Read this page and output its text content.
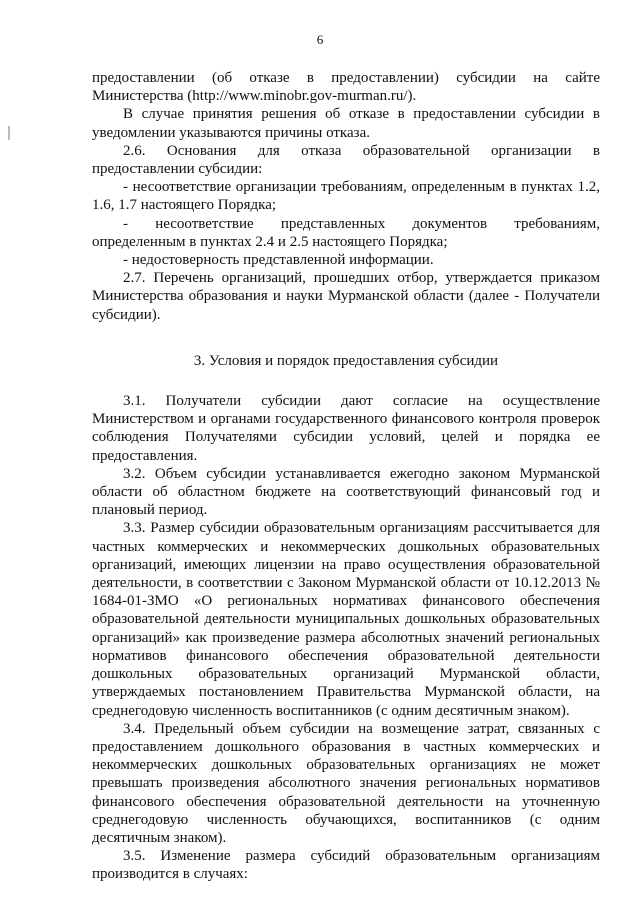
6

предоставлении (об отказе в предоставлении) субсидии на сайте Министерства (http://www.minobr.gov-murman.ru/).

В случае принятия решения об отказе в предоставлении субсидии в уведомлении указываются причины отказа.

2.6. Основания для отказа образовательной организации в предоставлении субсидии:

- несоответствие организации требованиям, определенным в пунктах 1.2, 1.6, 1.7 настоящего Порядка;

- несоответствие представленных документов требованиям, определенным в пунктах 2.4 и 2.5 настоящего Порядка;

- недостоверность представленной информации.

2.7. Перечень организаций, прошедших отбор, утверждается приказом Министерства образования и науки Мурманской области (далее - Получатели субсидии).

3. Условия и порядок предоставления субсидии

3.1. Получатели субсидии дают согласие на осуществление Министерством и органами государственного финансового контроля проверок соблюдения Получателями субсидии условий, целей и порядка ее предоставления.

3.2. Объем субсидии устанавливается ежегодно законом Мурманской области об областном бюджете на соответствующий финансовый год и плановый период.

3.3. Размер субсидии образовательным организациям рассчитывается для частных коммерческих и некоммерческих дошкольных образовательных организаций, имеющих лицензии на право осуществления образовательной деятельности, в соответствии с Законом Мурманской области от 10.12.2013 № 1684-01-ЗМО «О региональных нормативах финансового обеспечения образовательной деятельности муниципальных дошкольных образовательных организаций» как произведение размера абсолютных значений региональных нормативов финансового обеспечения образовательной деятельности дошкольных образовательных организаций Мурманской области, утверждаемых постановлением Правительства Мурманской области, на среднегодовую численность воспитанников (с одним десятичным знаком).

3.4. Предельный объем субсидии на возмещение затрат, связанных с предоставлением дошкольного образования в частных коммерческих и некоммерческих дошкольных образовательных организациях не может превышать произведения абсолютного значения региональных нормативов финансового обеспечения образовательной деятельности на уточненную среднегодовую численность обучающихся, воспитанников (с одним десятичным знаком).

3.5. Изменение размера субсидий образовательным организациям производится в случаях:
